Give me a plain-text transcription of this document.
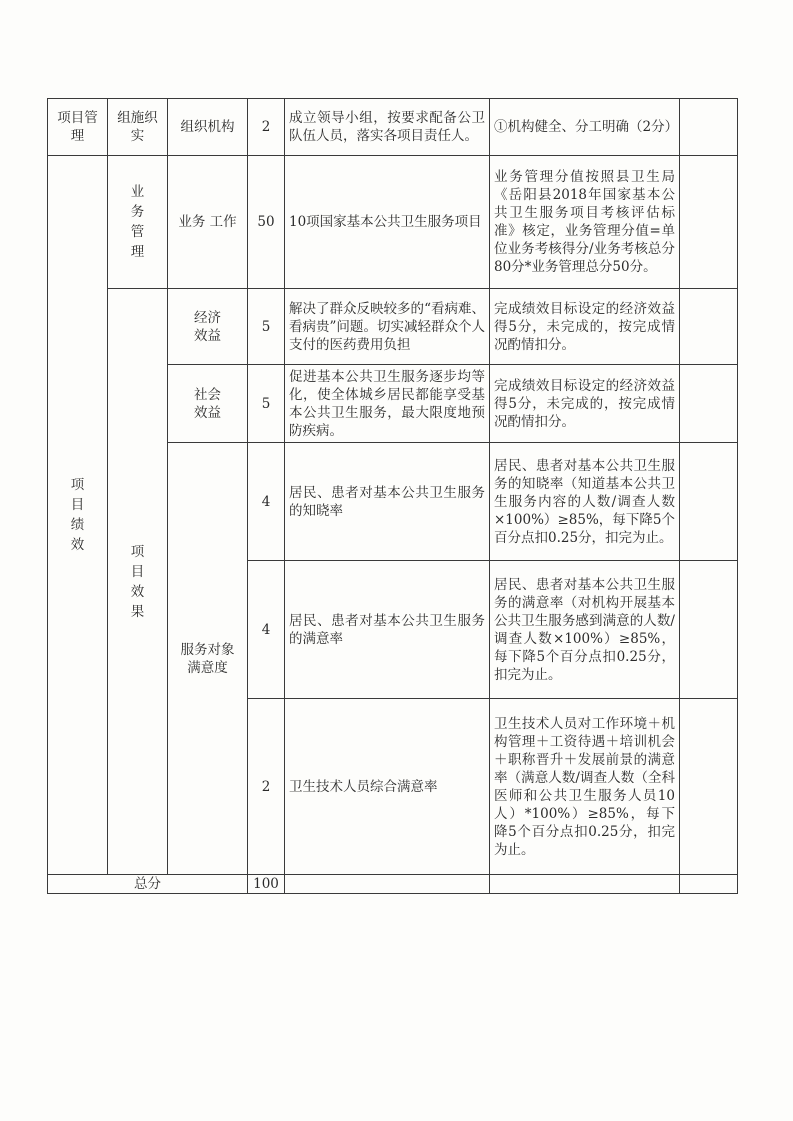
项目管理	组施织实	组织机构	2	成立领导小组，按要求配备公卫队伍人员，落实各项目责任人。	①机构健全、分工明确（2分）	
项目绩效	业务管理	业务 工作	50	10项国家基本公共卫生服务项目	业务管理分值按照县卫生局《岳阳县2018年国家基本公共卫生服务项目考核评估标准》核定，业务管理分值=单位业务考核得分/业务考核总分80分*业务管理总分50分。	
	项目效果	经济效益	5	解决了群众反映较多的“看病难、看病贵”问题。切实减轻群众个人支付的医药费用负担	完成绩效目标设定的经济效益得5分，未完成的，按完成情况酌情扣分。	
		社会效益	5	促进基本公共卫生服务逐步均等化，使全体城乡居民都能享受基本公共卫生服务，最大限度地预防疾病。	完成绩效目标设定的经济效益得5分，未完成的，按完成情况酌情扣分。	
		服务对象满意度	4	居民、患者对基本公共卫生服务的知晓率	居民、患者对基本公共卫生服务的知晓率（知道基本公共卫生服务内容的人数/调查人数×100%）≥85%，每下降5个百分点扣0.25分，扣完为止。	
			4	居民、患者对基本公共卫生服务的满意率	居民、患者对基本公共卫生服务的满意率（对机构开展基本公共卫生服务感到满意的人数/调查人数×100%）≥85%，每下降5个百分点扣0.25分，扣完为止。	
			2	卫生技术人员综合满意率	卫生技术人员对工作环境＋机构管理＋工资待遇＋培训机会＋职称晋升＋发展前景的满意率（满意人数/调查人数（全科医师和公共卫生服务人员10人）*100%）≥85%，每下降5个百分点扣0.25分，扣完为止。	
总分			100			
